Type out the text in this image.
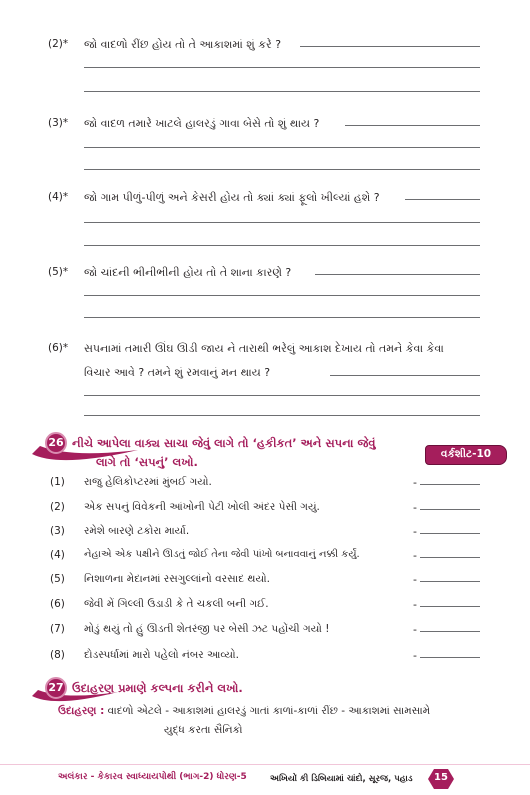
(2)* જો વાદળો રીંછ હોય તો તે આકાશમાં શું કરે ?
(3)* જો વાદળ તમારે ખાટલે હાલરડું ગાવા બેસે તો શું થાય ?
(4)* જો ગામ પીળું-પીળું અને કેસરી હોય તો ક્યાં ક્યાં ફૂલો ખીલ્યાં હશે ?
(5)* જો ચાંદની ભીનીભીની હોય તો તે શાના કારણે ?
(6)* સપનામાં તમારી ઊંઘ ઊડી જાય ને તારાથી ભરેલું આકાશ દેખાય તો તમને કેવા કેવા
વિચાર આવે ? તમને શું રમવાનું મન થાય ?
26 નીચે આપેલા વાક્ય સાચા જેવું લાગે તો ‘હકીકત’ અને સપના જેવું
લાગે તો ‘સપનું’ લખો.
વર્કશીટ-10
(1) રાજુ હેલિકોપ્ટરમાં મુંબઈ ગયો.	-
(2) એક સપનું વિવેકની આંખોની પેટી ખોલી અંદર પેસી ગયું.	-
(3) રમેશે બારણે ટકોરા માર્યા.	-
(4) નેહાએ એક પક્ષીને ઊડતું જોઈ તેના જેવી પાંખો બનાવવાનું નક્કી કર્યું.	-
(5) નિશાળના મેદાનમાં રસગુલ્લાંનો વરસાદ થયો.	-
(6) જેવી મેં ગિલ્લી ઉડાડી કે તે ચકલી બની ગઈ.	-
(7) મોડું થયું તો હું ઊડતી શેતરંજી પર બેસી ઝટ પહોંચી ગયો !	-
(8) દોડસ્પર્ધામાં મારો પહેલો નંબર આવ્યો.	-
27 ઉદાહરણ પ્રમાણે કલ્પના કરીને લખો.
ઉદાહરણ : વાદળો એટલે - આકાશમાં હાલરડું ગાતાં કાળાં-કાળાં રીંછ - આકાશમાં સામસામે
યુદ્ધ કરતા સૈનિકો
અલંકાર - કેકારવ સ્વાધ્યાયપોથી (ભાગ-2) ધોરણ-5	અખિયોં કી ડિબિયામાં ચાંદો, સૂરજ, પહાડ	15
